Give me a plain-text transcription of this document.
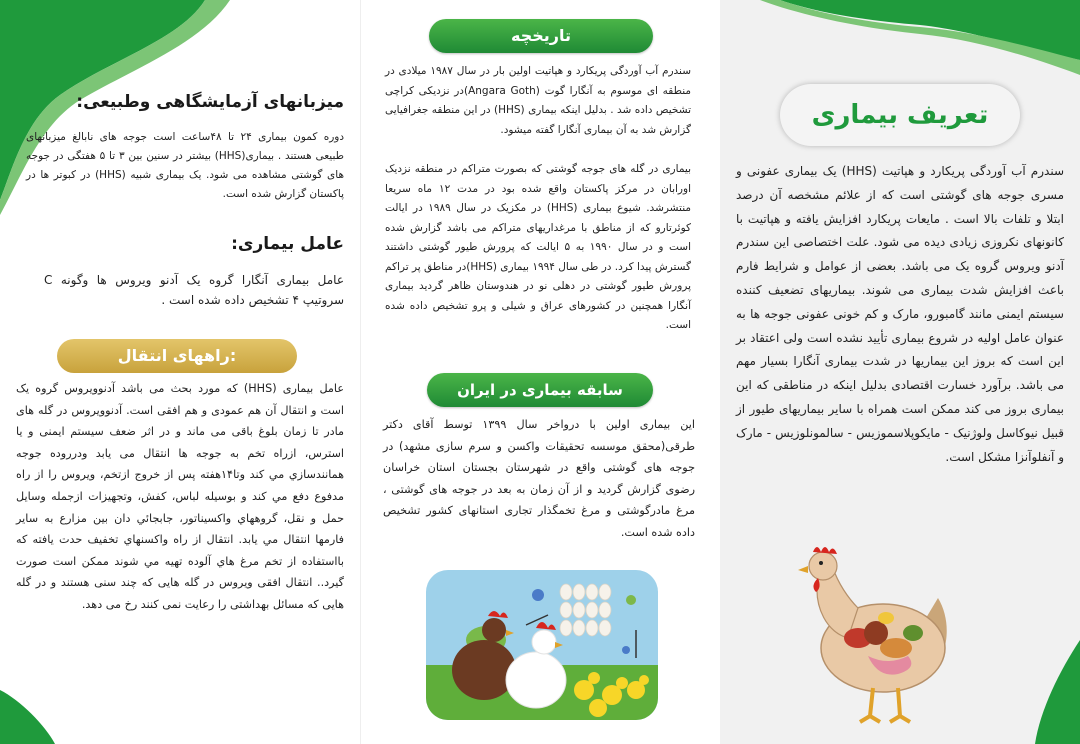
میزبانهای آزمایشگاهی وطبیعی:
دوره کمون بیماری ۲۴ تا ۴۸ساعت است جوجه های نابالغ میزبانهای طبیعی هستند . بیماری(HHS) بیشتر در سنین بین ۳ تا ۵ هفتگی در جوجه های گوشتی مشاهده می شود. یک بیماری شبیه (HHS) در کبوتر ها در پاکستان گزارش شده است.
عامل بیماری:
عامل بیماری آنگارا گروه یک آدنو ویروس ها وگونه C سروتیپ ۴ تشخیص داده شده است .
راههای انتقال:
عامل بیماری (HHS) که مورد بحث می باشد آدنوویروس گروه یک است و انتقال آن هم عمودی و هم افقی است. آدنوویروس در گله های مادر تا زمان بلوغ باقی می ماند و در اثر ضعف سیستم ایمنی و یا استرس، ازراه تخم به جوجه ها انتقال می یابد ودرروده جوجه همانندسازي مي كند وتا۱۴هفته پس از خروج ازتخم، ويروس را از راه مدفوع دفع مي كند و بوسيله لباس، كفش، وتجهيزات ازجمله وسايل حمل و نقل، گروههاي واكسيناتور، جابجائي دان بين مزارع به ساير فارمها انتقال مي يابد. انتقال از راه واكسنهاي تخفيف حدت يافته كه بااستفاده از تخم مرغ هاي آلوده تهيه مي شوند ممكن است صورت گيرد.. انتقال افقی ویروس در گله هایی که چند سنی هستند و در گله هایی که مسائل بهداشتی را رعایت نمی کنند رخ می دهد.
تاریخچه
سندرم آب آوردگی پریکارد و هپاتیت اولین بار در سال ۱۹۸۷ میلادی در منطقه ای موسوم به آنگارا گوت (Angara Goth)در نزدیکی کراچی تشخیص داده شد . بدلیل اینکه بیماری (HHS) در این منطقه جغرافیایی گزارش شد به آن بیماری آنگارا گفته میشود.
بیماری در گله های جوجه گوشتی که بصورت متراکم در منطقه نزدیک اورابان در مرکز پاکستان واقع شده بود در مدت ۱۲ ماه سریعا منتشرشد. شیوع بیماری (HHS) در مکزیک در سال ۱۹۸۹ در ایالت کوئرتارو که از مناطق با مرغداریهای متراکم می باشد گزارش شده است و در سال ۱۹۹۰ به ۵ ایالت که پرورش طیور گوشتی داشتند گسترش پیدا کرد. در طی سال ۱۹۹۴ بیماری (HHS)در مناطق پر تراکم پرورش طیور گوشتی در دهلی نو در هندوستان ظاهر گردید بیماری آنگارا همچنین در کشورهای عراق و شیلی و پرو تشخیص داده شده است.
سابقه بیماری در ایران
این بیماری اولین با درواخر سال ۱۳۹۹ توسط آقای دکتر طرقی(محقق موسسه تحقیقات واکسن و سرم سازی مشهد) در جوجه های گوشتی واقع در شهرستان بجستان استان خراسان رضوی گزارش گردید و از آن زمان به بعد در جوجه های گوشتی ، مرغ مادرگوشتی و مرغ تخمگذار تجاری استانهای کشور تشخیص داده شده است.
تعریف بیماری
سندرم آب آوردگی پریکارد و هپاتیت (HHS) یک بیماری عفونی و مسری جوجه های گوشتی است که از علائم مشخصه آن درصد ابتلا و تلفات بالا است . مایعات پریکارد افزایش یافته و هپاتیت با کانونهای نکروزی زیادی دیده می شود. علت اختصاصی این سندرم آدنو ویروس گروه یک می باشد. بعضی از عوامل و شرایط فارم باعث افزایش شدت بیماری می شوند. بیماریهای تضعیف کننده سیستم ایمنی مانند گامبورو، مارک و کم خونی عفونی جوجه ها به عنوان عامل اولیه در شروع بیماری تأیید نشده است ولی اعتقاد بر این است که بروز این بیماریها در شدت بیماری آنگارا بسیار مهم می باشد. برآورد خسارت اقتصادی بدلیل اینکه در مناطقی که این بیماری بروز می کند ممکن است همراه با سایر بیماریهای طیور از قبیل نیوکاسل ولوژنیک - مایکوپلاسموزیس - سالمونلوزیس - مارک و آنفلوآنزا مشکل است.
